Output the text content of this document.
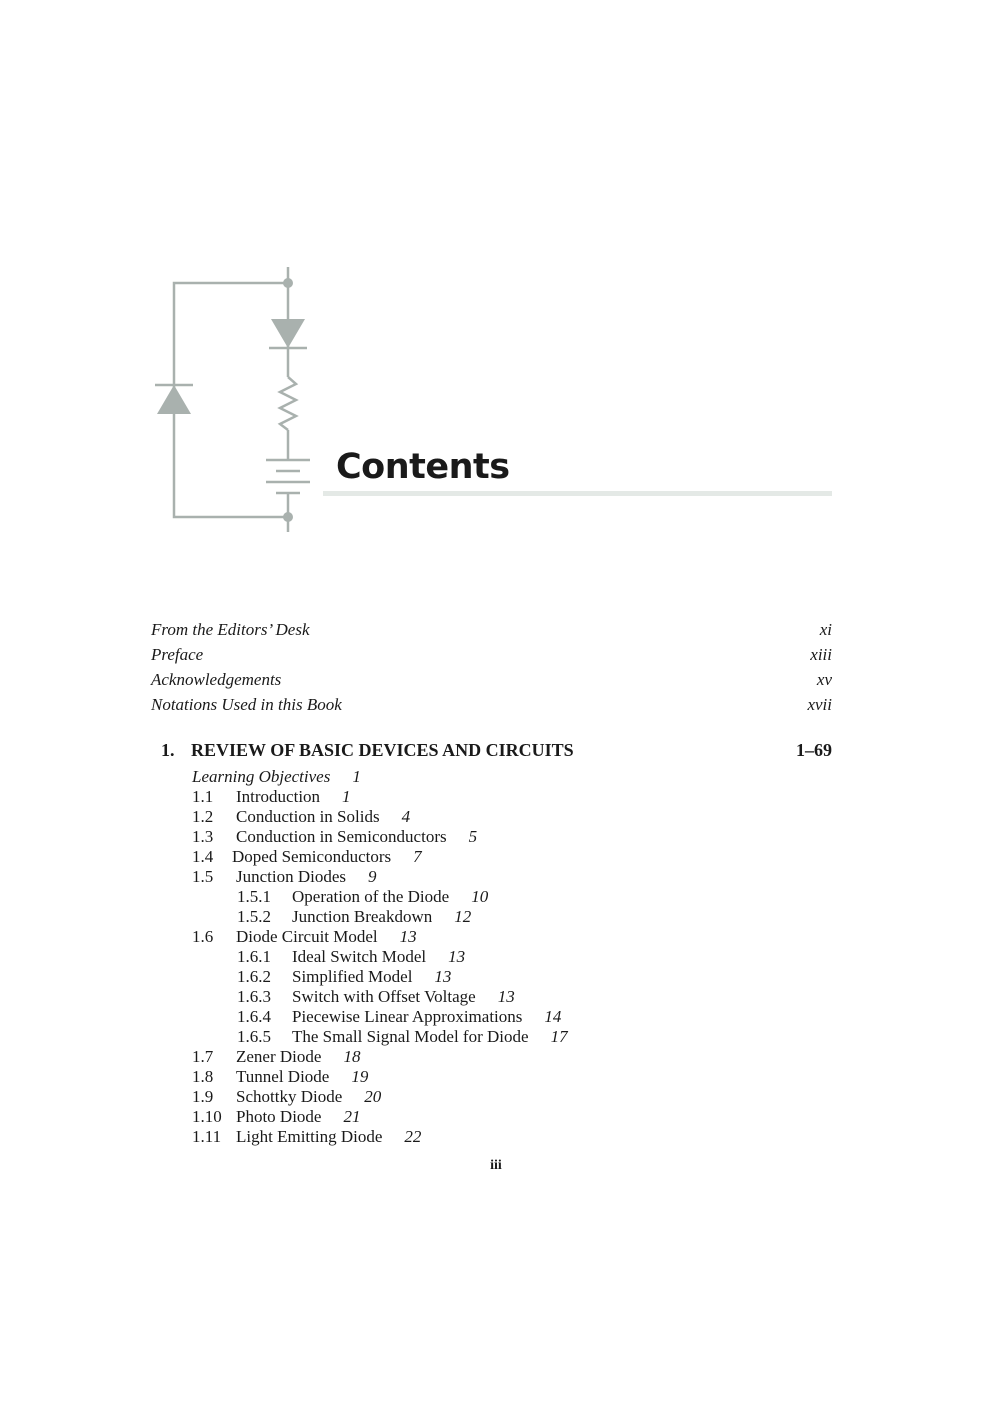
Contents
From the Editors’ Desk	xi
Preface	xiii
Acknowledgements	xv
Notations Used in this Book	xvii
1. REVIEW OF BASIC DEVICES AND CIRCUITS	1–69
Learning Objectives 1
1.1	Introduction 1
1.2	Conduction in Solids 4
1.3	Conduction in Semiconductors 5
1.4	Doped Semiconductors 7
1.5	Junction Diodes 9
1.5.1	Operation of the Diode 10
1.5.2	Junction Breakdown 12
1.6	Diode Circuit Model 13
1.6.1	Ideal Switch Model 13
1.6.2	Simplified Model 13
1.6.3	Switch with Offset Voltage 13
1.6.4	Piecewise Linear Approximations 14
1.6.5	The Small Signal Model for Diode 17
1.7	Zener Diode 18
1.8	Tunnel Diode 19
1.9	Schottky Diode 20
1.10 Photo Diode 21
1.11 Light Emitting Diode 22
iii
